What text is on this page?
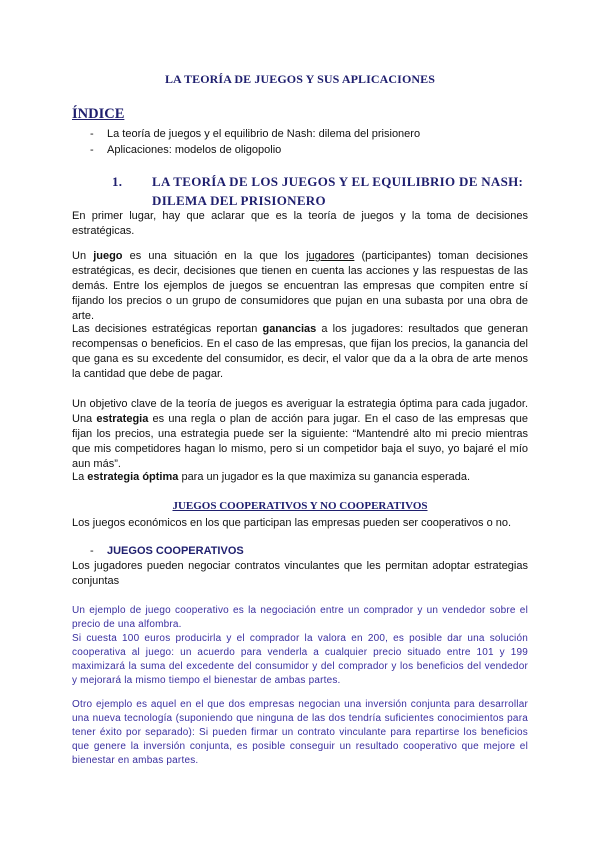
LA TEORÍA DE JUEGOS Y SUS APLICACIONES
ÍNDICE
- La teoría de juegos y el equilibrio de Nash: dilema del prisionero
- Aplicaciones: modelos de oligopolio
1.	LA TEORÍA DE LOS JUEGOS Y EL EQUILIBRIO DE NASH: DILEMA DEL PRISIONERO
En primer lugar, hay que aclarar que es la teoría de juegos y la toma de decisiones estratégicas.
Un juego es una situación en la que los jugadores (participantes) toman decisiones estratégicas, es decir, decisiones que tienen en cuenta las acciones y las respuestas de las demás. Entre los ejemplos de juegos se encuentran las empresas que compiten entre sí fijando los precios o un grupo de consumidores que pujan en una subasta por una obra de arte.
Las decisiones estratégicas reportan ganancias a los jugadores: resultados que generan recompensas o beneficios. En el caso de las empresas, que fijan los precios, la ganancia del que gana es su excedente del consumidor, es decir, el valor que da a la obra de arte menos la cantidad que debe de pagar.
Un objetivo clave de la teoría de juegos es averiguar la estrategia óptima para cada jugador. Una estrategia es una regla o plan de acción para jugar. En el caso de las empresas que fijan los precios, una estrategia puede ser la siguiente: “Mantendré alto mi precio mientras que mis competidores hagan lo mismo, pero si un competidor baja el suyo, yo bajaré el mío aun más”.
La estrategia óptima para un jugador es la que maximiza su ganancia esperada.
JUEGOS COOPERATIVOS Y NO COOPERATIVOS
Los juegos económicos en los que participan las empresas pueden ser cooperativos o no.
- JUEGOS COOPERATIVOS
Los jugadores pueden negociar contratos vinculantes que les permitan adoptar estrategias conjuntas
Un ejemplo de juego cooperativo es la negociación entre un comprador y un vendedor sobre el precio de una alfombra.
Si cuesta 100 euros producirla y el comprador la valora en 200, es posible dar una solución cooperativa al juego: un acuerdo para venderla a cualquier precio situado entre 101 y 199 maximizará la suma del excedente del consumidor y del comprador y los beneficios del vendedor y mejorará la mismo tiempo el bienestar de ambas partes.
Otro ejemplo es aquel en el que dos empresas negocian una inversión conjunta para desarrollar una nueva tecnología (suponiendo que ninguna de las dos tendría suficientes conocimientos para tener éxito por separado): Si pueden firmar un contrato vinculante para repartirse los beneficios que genere la inversión conjunta, es posible conseguir un resultado cooperativo que mejore el bienestar en ambas partes.
